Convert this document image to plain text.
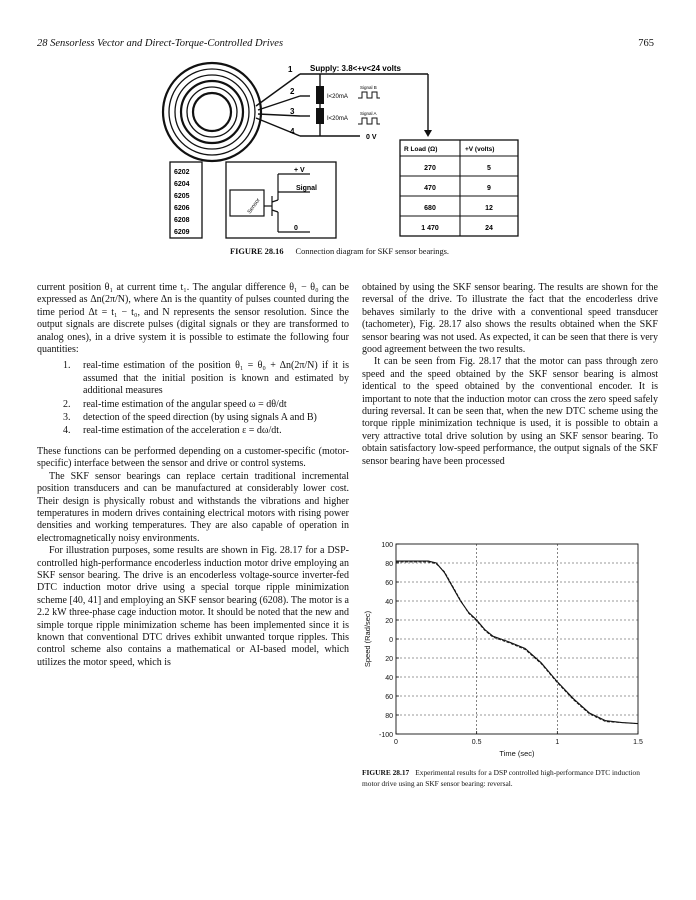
28 Sensorless Vector and Direct-Torque-Controlled Drives	765
1
2
3
4
Supply: 3.8<+v<24 volts
I<20mA
I<20mA
Signal B
Signal A
0 V
6202
6204
6205
6206
6208
6209
Sensor
+ V
Signal
0
R Load (Ω)	+V (volts)
270	5
470	9
680	12
1 470	24
FIGURE 28.16 Connection diagram for SKF sensor bearings.

current position θ₁ at current time t₁. The angular difference θ₁ − θ₀ can be expressed as Δn(2π/N), where Δn is the quantity of pulses counted during the time period Δt = t₁ − t₀, and N represents the sensor resolution. Since the output signals are discrete pulses (digital signals or they are transformed to analog ones), in a drive system it is possible to estimate the following four quantities:

1. real-time estimation of the position θ₁ = θ₀ + Δn(2π/N) if it is assumed that the initial position is known and estimated by additional measures
2. real-time estimation of the angular speed ω = dθ/dt
3. detection of the speed direction (by using signals A and B)
4. real-time estimation of the acceleration ε = dω/dt.

These functions can be performed depending on a customer-specific (motor-specific) interface between the sensor and drive or control systems.

The SKF sensor bearings can replace certain traditional incremental position transducers and can be manufactured at considerably lower cost. Their design is physically robust and withstands the vibrations and higher temperatures in modern drives containing electrical motors with rising power densities and working temperatures. They are also capable of operation in electromagnetically noisy environments.

For illustration purposes, some results are shown in Fig. 28.17 for a DSP-controlled high-performance encoderless induction motor drive employing an SKF sensor bearing. The drive is an encoderless voltage-source inverter-fed DTC induction motor drive using a special torque ripple minimization scheme [40, 41] and employing an SKF sensor bearing (6208). The motor is a 2.2 kW three-phase cage induction motor. It should be noted that the new and simple torque ripple minimization scheme has been implemented since it is known that conventional DTC drives exhibit unwanted torque ripples. This control scheme also contains a mathematical or AI-based model, which utilizes the motor speed, which is

obtained by using the SKF sensor bearing. The results are shown for the reversal of the drive. To illustrate the fact that the encoderless drive behaves similarly to the drive with a conventional speed transducer (tachometer), Fig. 28.17 also shows the results obtained when the SKF sensor bearing was not used. As expected, it can be seen that there is very good agreement between the two results.

It can be seen from Fig. 28.17 that the motor can pass through zero speed and the speed obtained by the SKF sensor bearing is almost identical to the speed obtained by the conventional encoder. It is important to note that the induction motor can cross the zero speed safely during reversal. It can be seen that, when the new DTC scheme using the torque ripple minimization technique is used, it is possible to obtain a very attractive total drive solution by using an SKF sensor bearing. To obtain satisfactory low-speed performance, the output signals of the SKF sensor bearing have been processed

100
80
60
40
20
0
20
40
60
80
-100
0	0.5	1	1.5
Time (sec)
Speed (Rad/sec)
FIGURE 28.17 Experimental results for a DSP controlled high-performance DTC induction motor drive using an SKF sensor bearing: reversal.
